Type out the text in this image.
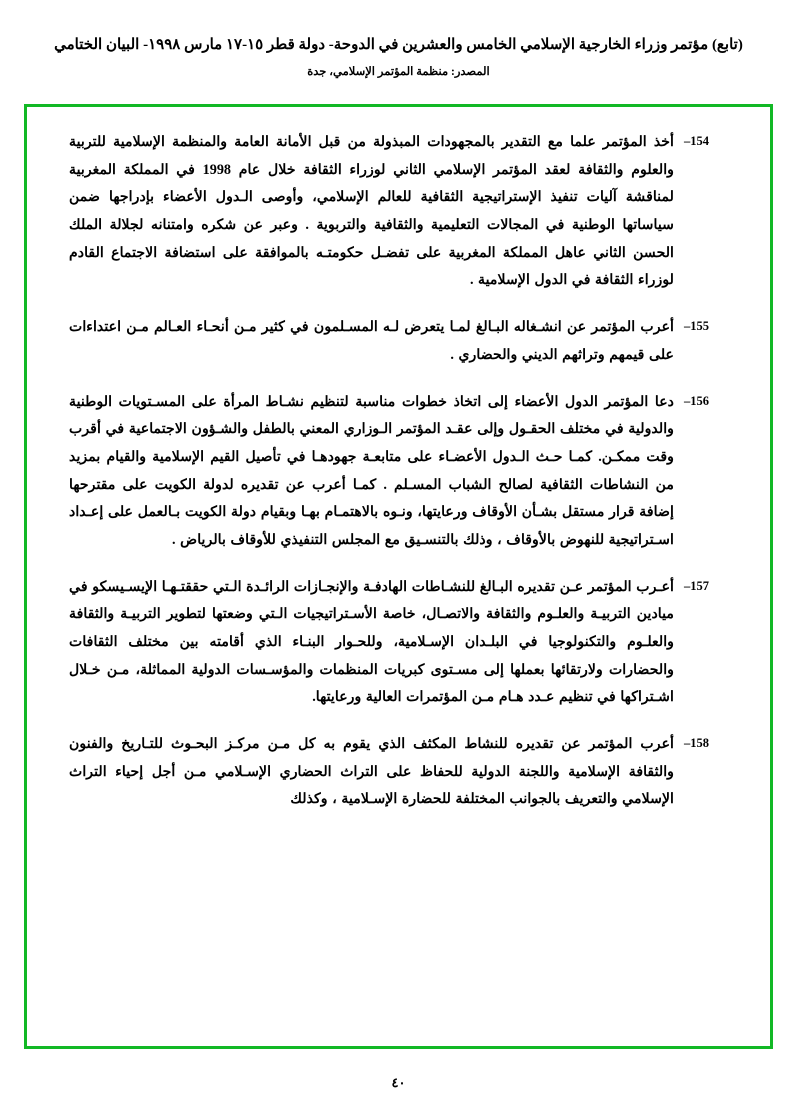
(تابع) مؤتمر وزراء الخارجية الإسلامي الخامس والعشرين في الدوحة- دولة قطر ١٥-١٧ مارس ١٩٩٨- البيان الختامي
المصدر: منظمة المؤتمر الإسلامي، جدة
154–
أخذ المؤتمر علما مع التقدير بالمجهودات المبذولة من قبل الأمانة العامة والمنظمة الإسلامية للتربية والعلوم والثقافة لعقد المؤتمر الإسلامي الثاني لوزراء الثقافة خلال عام 1998 في المملكة المغربية لمناقشة آليات تنفيذ الإستراتيجية الثقافية للعالم الإسلامي، وأوصى الـدول الأعضاء بإدراجها ضمن سياساتها الوطنية في المجالات التعليمية والثقافية والتربوية . وعبر عن شكره وامتنانه لجلالة الملك الحسن الثاني عاهل المملكة المغربية على تفضـل حكومتـه بالموافقة على استضافة الاجتماع القادم لوزراء الثقافة في الدول الإسلامية .
155–
أعرب المؤتمر عن انشـغاله البـالغ لمـا يتعرض لـه المسـلمون في كثير مـن أنحـاء العـالم مـن اعتداءات على قيمهم وتراثهم الديني والحضاري .
156–
دعا المؤتمر الدول الأعضاء إلى اتخاذ خطوات مناسبة لتنظيم نشـاط المرأة على المسـتويات الوطنية والدولية في مختلف الحقـول وإلى عقـد المؤتمر الـوزاري المعني بالطفل والشـؤون الاجتماعية في أقرب وقت ممكـن. كمـا حـث الـدول الأعضـاء على متابعـة جهودهـا في تأصيل القيم الإسلامية والقيام بمزيد من النشاطات الثقافية لصالح الشباب المسـلم . كمـا أعرب عن تقديره لدولة الكويت على مقترحها إضافة قرار مستقل بشـأن الأوقاف ورعايتها، ونـوه بالاهتمـام بهـا وبقيام دولة الكويت بـالعمل على إعـداد اسـتراتيجية للنهوض بالأوقاف ، وذلك بالتنسـيق مع المجلس التنفيذي للأوقاف بالرياض .
157–
أعـرب المؤتمر عـن تقديره البـالغ للنشـاطات الهادفـة والإنجـازات الرائـدة الـتي حققتـهـا الإيسـيسكو في ميادين التربيـة والعلـوم والثقافة والاتصـال، خاصة الأسـتراتيجيات الـتي وضعتها لتطوير التربيـة والثقافة والعلـوم والتكنولوجيا في البلـدان الإسـلامية، وللحـوار البنـاء الذي أقامته بين مختلف الثقافات والحضارات ولارتقائها بعملها إلى مسـتوى كبريات المنظمات والمؤسـسات الدولية المماثلة، مـن خـلال اشـتراكها في تنظيم عـدد هـام مـن المؤتمرات العالية ورعايتها.
158–
أعرب المؤتمر عن تقديره للنشاط المكثف الذي يقوم به كل مـن مركـز البحـوث للتـاريخ والفنون والثقافة الإسلامية واللجنة الدولية للحفاظ على التراث الحضاري الإسـلامي مـن أجل إحياء التراث الإسلامي والتعريف بالجوانب المختلفة للحضارة الإسـلامية ، وكذلك
٤٠
